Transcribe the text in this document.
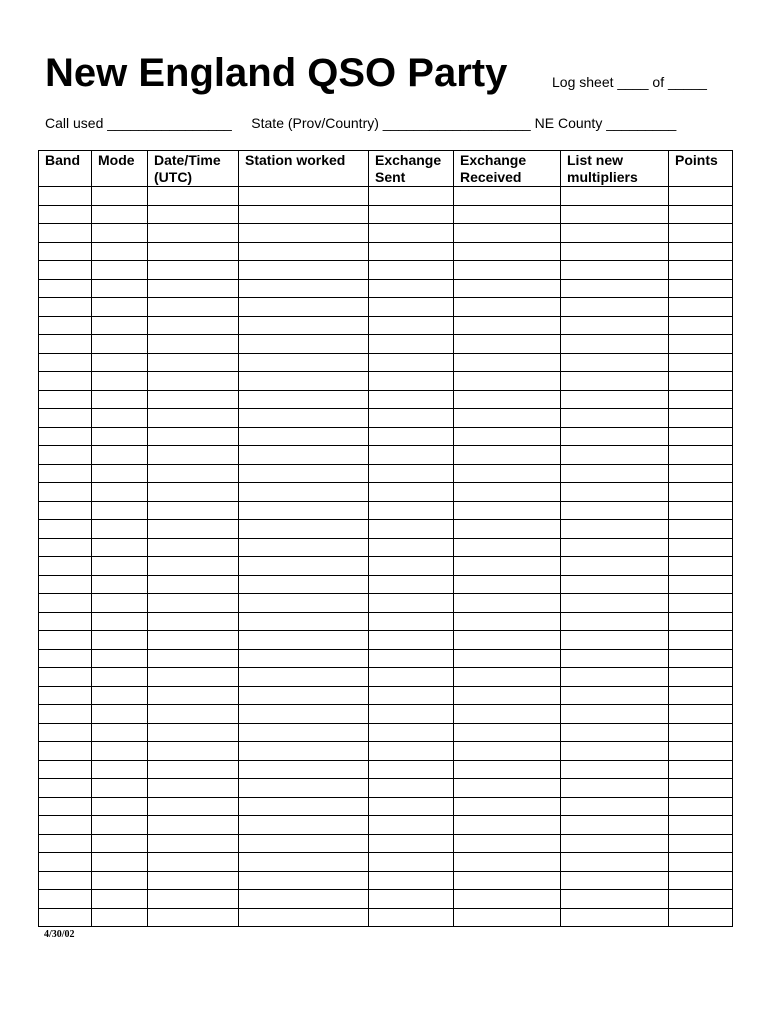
New England QSO Party	Log sheet ____ of _____
Call used ________________ State (Prov/Country) ___________________ NE County _________
Band	Mode	Date/Time (UTC)	Station worked	Exchange Sent	Exchange Received	List new multipliers	Points

4/30/02
